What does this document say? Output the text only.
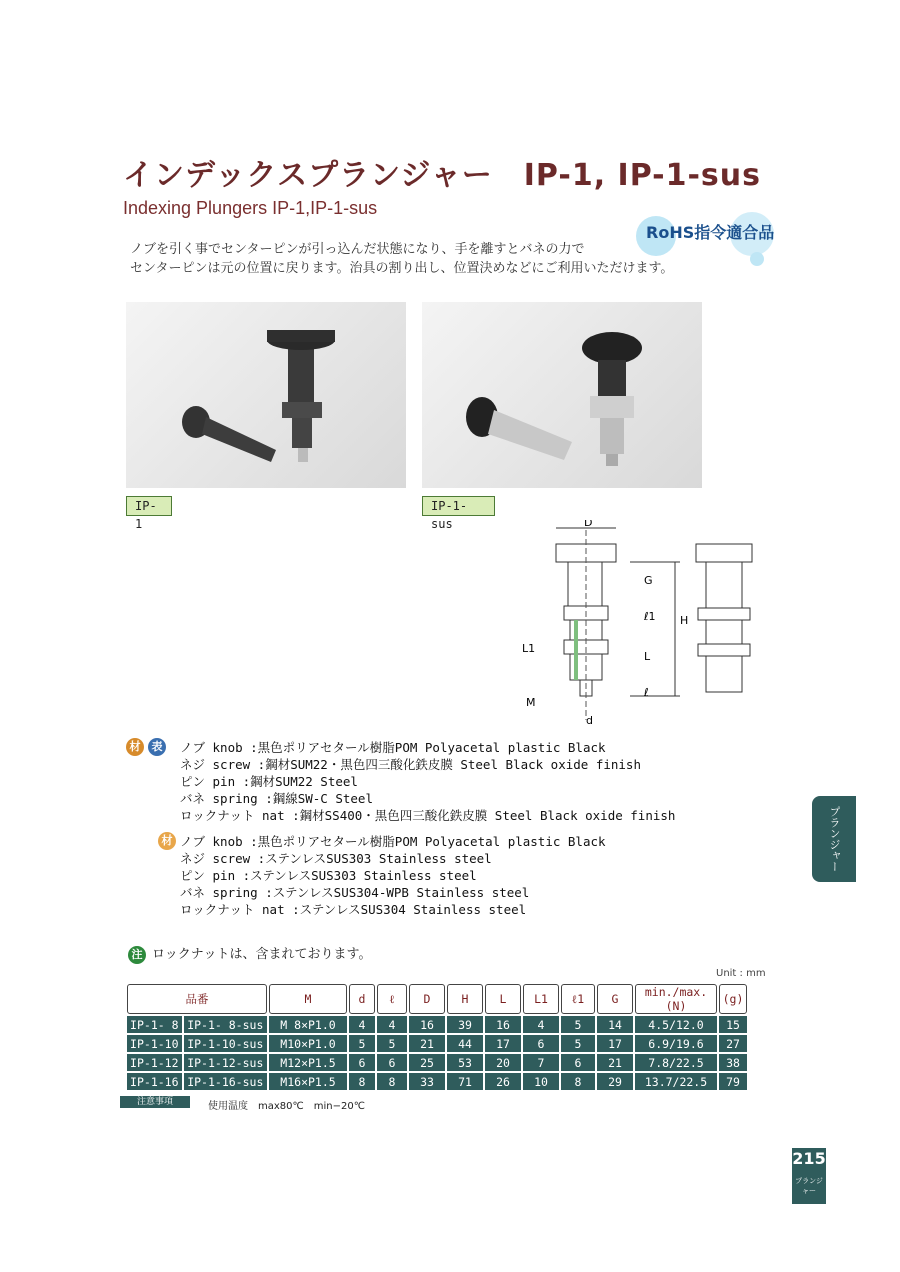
インデックスプランジャー　IP-1, IP-1-sus
Indexing Plungers IP-1,IP-1-sus
RoHS指令適合品
ノブを引く事でセンターピンが引っ込んだ状態になり、手を離すとバネの力で
センターピンは元の位置に戻ります。治具の割り出し、位置決めなどにご利用いただけます。
IP-1
IP-1-sus	D
G
ℓ1 H
L
ℓ
L1
M
d
材	表 ノブ knob :黒色ポリアセタール樹脂POM Polyacetal plastic Black
ネジ screw :鋼材SUM22・黒色四三酸化鉄皮膜 Steel Black oxide finish
ピン pin :鋼材SUM22 Steel
バネ spring :鋼線SW-C Steel
ロックナット nat :鋼材SS400・黒色四三酸化鉄皮膜 Steel Black oxide finish
材 ノブ knob :黒色ポリアセタール樹脂POM Polyacetal plastic Black
ネジ screw :ステンレスSUS303 Stainless steel
ピン pin :ステンレスSUS303 Stainless steel
バネ spring :ステンレスSUS304-WPB Stainless steel
ロックナット nat :ステンレスSUS304 Stainless steel
注 ロックナットは、含まれております。
Unit : mm
品番		M	d	ℓ	D	H	L	L1	ℓ1	G	min./max.(N)	(g)
IP-1- 8	IP-1- 8-sus	M 8×P1.0	4	4	16	39	16	4	5	14	4.5/12.0	15
IP-1-10	IP-1-10-sus	M10×P1.0	5	5	21	44	17	6	5	17	6.9/19.6	27
IP-1-12	IP-1-12-sus	M12×P1.5	6	6	25	53	20	7	6	21	7.8/22.5	38
IP-1-16	IP-1-16-sus	M16×P1.5	8	8	33	71	26	10	8	29	13.7/22.5	79
注意事項	使用温度　max80℃　min−20℃
プランジャー
215
プランジャー
